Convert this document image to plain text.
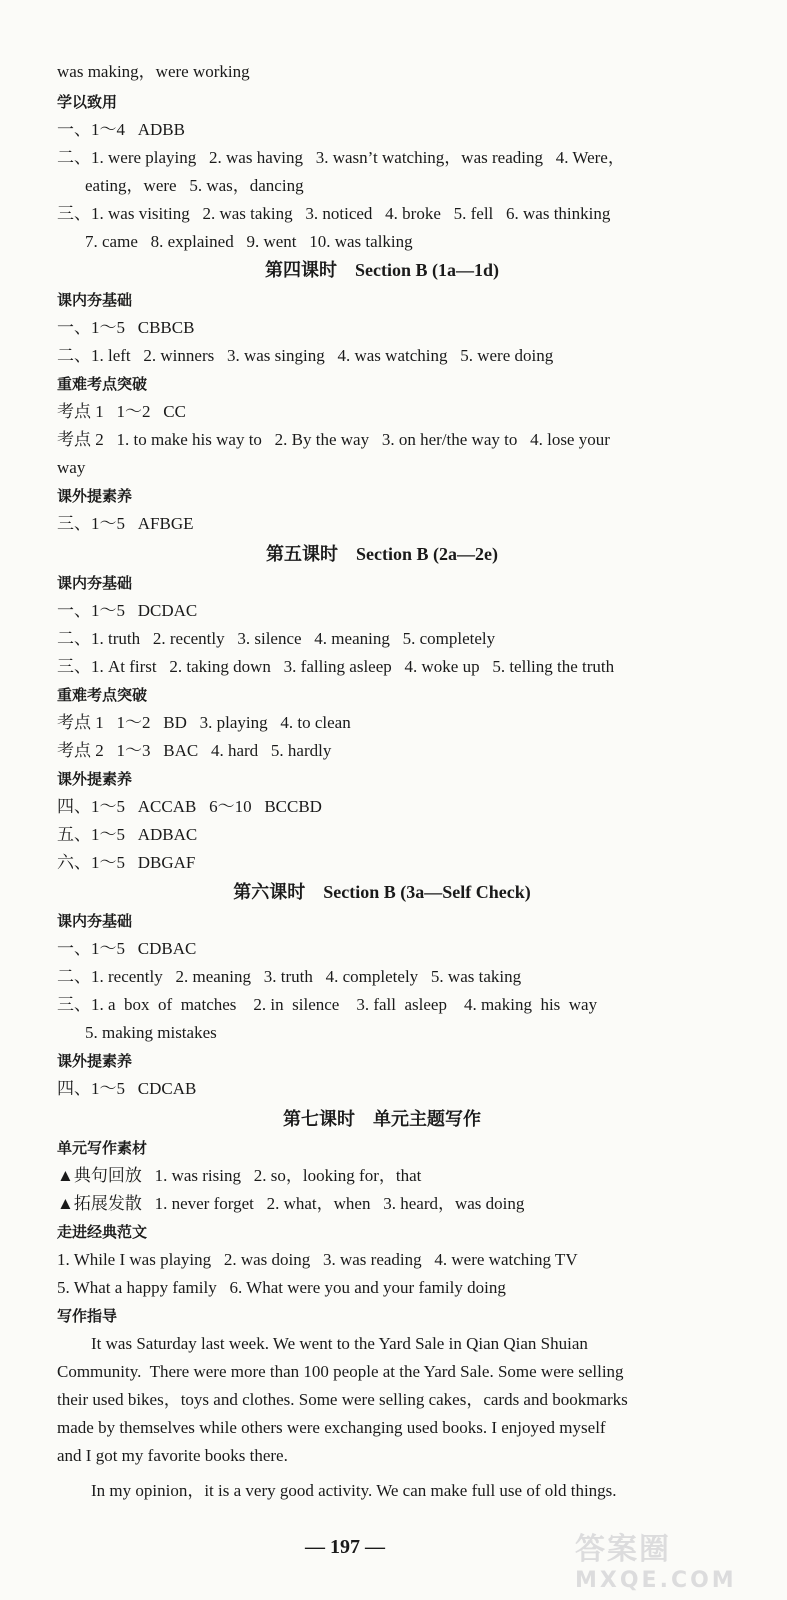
was making，were working
学以致用
一、1～4   ADBB
二、1. were playing   2. was having   3. wasn’t watching，was reading   4. Were，
eating，were   5. was，dancing
三、1. was visiting   2. was taking   3. noticed   4. broke   5. fell   6. was thinking
7. came   8. explained   9. went   10. was talking
第四课时    Section B (1a—1d)
课内夯基础
一、1～5   CBBCB
二、1. left   2. winners   3. was singing   4. was watching   5. were doing
重难考点突破
考点 1   1～2   CC
考点 2   1. to make his way to   2. By the way   3. on her/the way to   4. lose your
way
课外提素养
三、1～5   AFBGE
第五课时    Section B (2a—2e)
课内夯基础
一、1～5   DCDAC
二、1. truth   2. recently   3. silence   4. meaning   5. completely
三、1. At first   2. taking down   3. falling asleep   4. woke up   5. telling the truth
重难考点突破
考点 1   1～2   BD   3. playing   4. to clean
考点 2   1～3   BAC   4. hard   5. hardly
课外提素养
四、1～5   ACCAB   6～10   BCCBD
五、1～5   ADBAC
六、1～5   DBGAF
第六课时    Section B (3a—Self Check)
课内夯基础
一、1～5   CDBAC
二、1. recently   2. meaning   3. truth   4. completely   5. was taking
三、1. a  box  of  matches    2. in  silence    3. fall  asleep    4. making  his  way
5. making mistakes
课外提素养
四、1～5   CDCAB
第七课时    单元主题写作
单元写作素材
▲典句回放   1. was rising   2. so，looking for，that
▲拓展发散   1. never forget   2. what，when   3. heard，was doing
走进经典范文
1. While I was playing   2. was doing   3. was reading   4. were watching TV
5. What a happy family   6. What were you and your family doing
写作指导
It was Saturday last week. We went to the Yard Sale in Qian Qian Shuian
Community.  There were more than 100 people at the Yard Sale. Some were selling
their used bikes，toys and clothes. Some were selling cakes，cards and bookmarks
made by themselves while others were exchanging used books. I enjoyed myself
and I got my favorite books there.
In my opinion，it is a very good activity. We can make full use of old things.
— 197 —	答案圈
MXQE.COM
